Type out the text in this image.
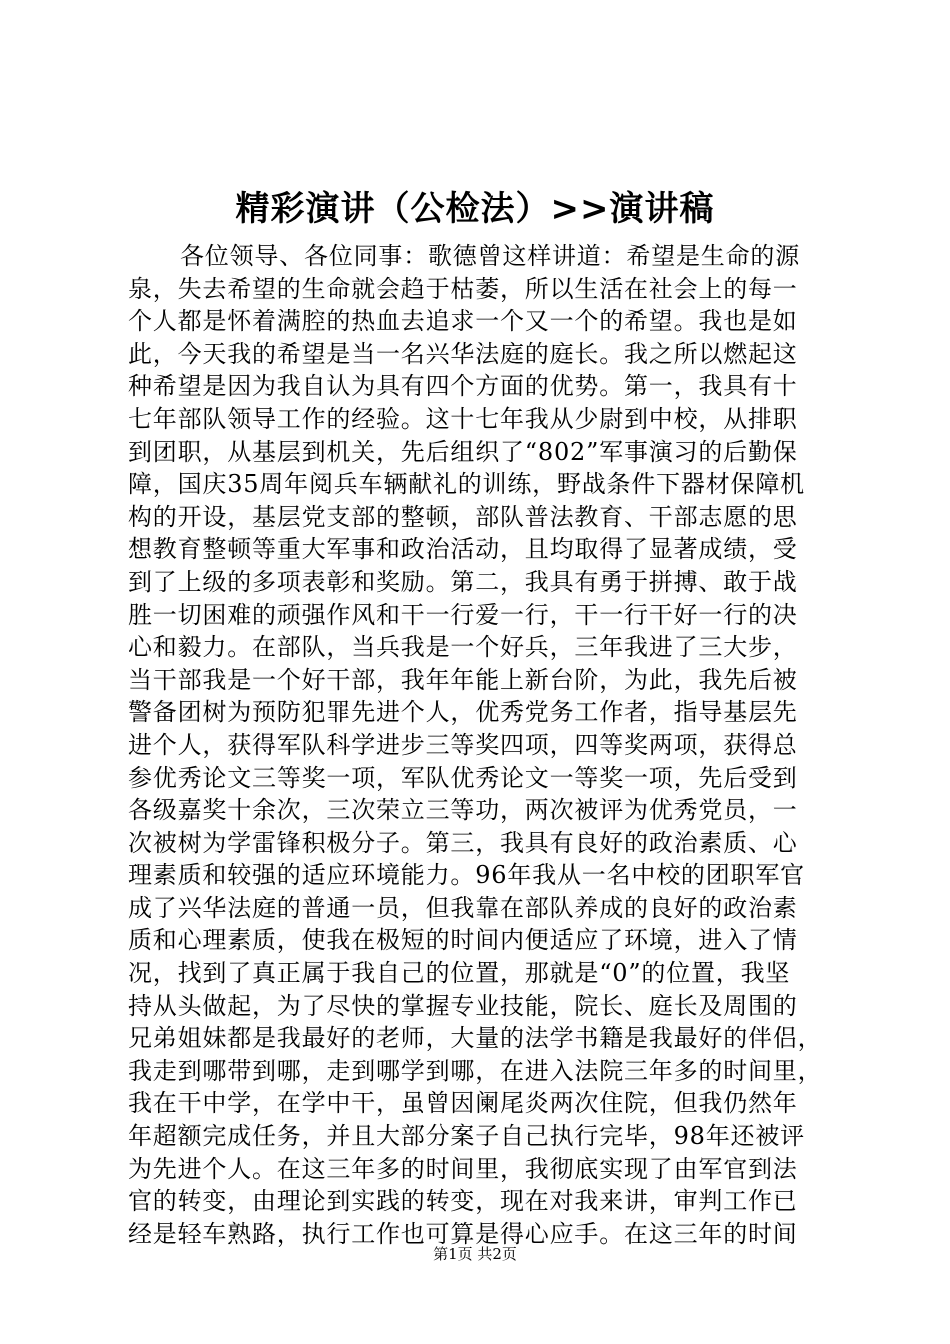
精彩演讲（公检法）>>演讲稿
各位领导、各位同事：歌德曾这样讲道：希望是生命的源
泉，失去希望的生命就会趋于枯萎，所以生活在社会上的每一
个人都是怀着满腔的热血去追求一个又一个的希望。我也是如
此，今天我的希望是当一名兴华法庭的庭长。我之所以燃起这
种希望是因为我自认为具有四个方面的优势。第一，我具有十
七年部队领导工作的经验。这十七年我从少尉到中校，从排职
到团职，从基层到机关，先后组织了“802”军事演习的后勤保
障，国庆35周年阅兵车辆献礼的训练，野战条件下器材保障机
构的开设，基层党支部的整顿，部队普法教育、干部志愿的思
想教育整顿等重大军事和政治活动，且均取得了显著成绩，受
到了上级的多项表彰和奖励。第二，我具有勇于拼搏、敢于战
胜一切困难的顽强作风和干一行爱一行，干一行干好一行的决
心和毅力。在部队，当兵我是一个好兵，三年我进了三大步，
当干部我是一个好干部，我年年能上新台阶，为此，我先后被
警备团树为预防犯罪先进个人，优秀党务工作者，指导基层先
进个人，获得军队科学进步三等奖四项，四等奖两项，获得总
参优秀论文三等奖一项，军队优秀论文一等奖一项，先后受到
各级嘉奖十余次，三次荣立三等功，两次被评为优秀党员，一
次被树为学雷锋积极分子。第三，我具有良好的政治素质、心
理素质和较强的适应环境能力。96年我从一名中校的团职军官
成了兴华法庭的普通一员，但我靠在部队养成的良好的政治素
质和心理素质，使我在极短的时间内便适应了环境，进入了情
况，找到了真正属于我自己的位置，那就是“0”的位置，我坚
持从头做起，为了尽快的掌握专业技能，院长、庭长及周围的
兄弟姐妹都是我最好的老师，大量的法学书籍是我最好的伴侣，
我走到哪带到哪，走到哪学到哪，在进入法院三年多的时间里，
我在干中学，在学中干，虽曾因阑尾炎两次住院，但我仍然年
年超额完成任务，并且大部分案子自己执行完毕，98年还被评
为先进个人。在这三年多的时间里，我彻底实现了由军官到法
官的转变，由理论到实践的转变，现在对我来讲，审判工作已
经是轻车熟路，执行工作也可算是得心应手。在这三年的时间

第1页 共2页
